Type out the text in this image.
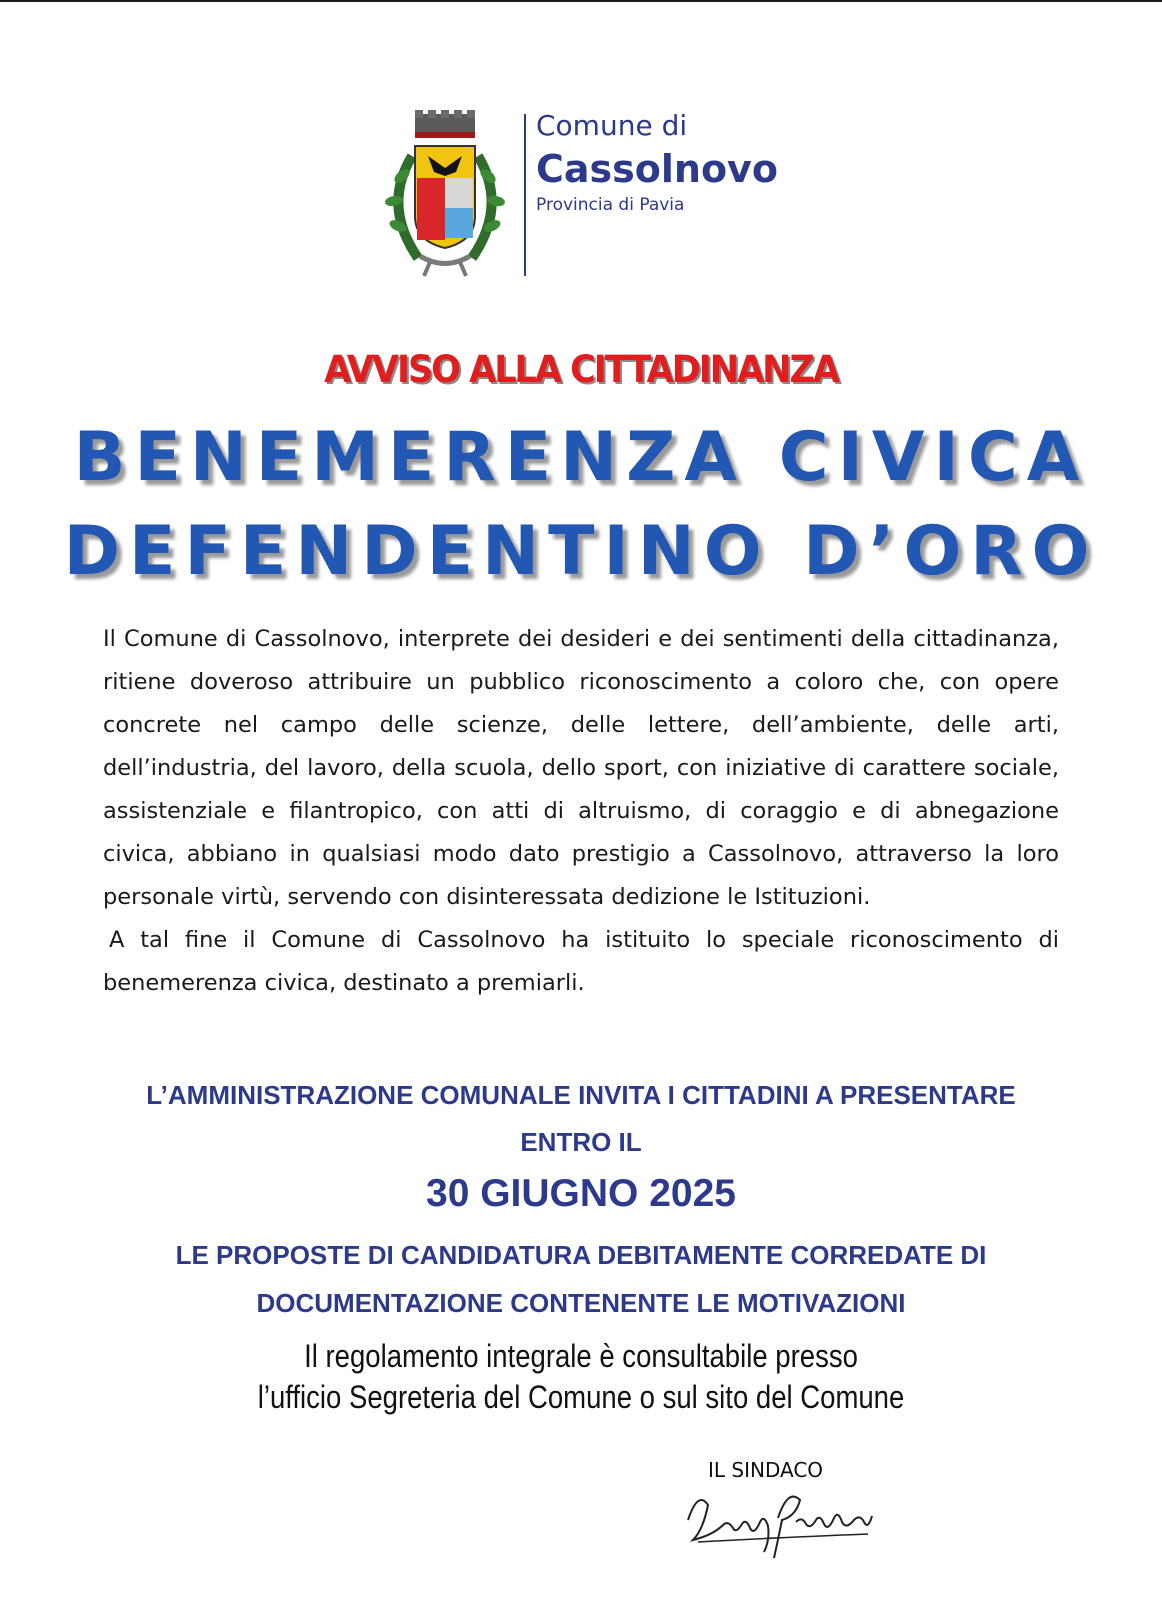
Comune di
Cassolnovo
Provincia di Pavia
AVVISO ALLA CITTADINANZA
BENEMERENZA CIVICA
DEFENDENTINO D’ORO

Il Comune di Cassolnovo, interprete dei desideri e dei sentimenti della cittadinanza, ritiene doveroso attribuire un pubblico riconoscimento a coloro che, con opere concrete nel campo delle scienze, delle lettere, dell’ambiente, delle arti, dell’industria, del lavoro, della scuola, dello sport, con iniziative di carattere sociale, assistenziale e filantropico, con atti di altruismo, di coraggio e di abnegazione civica, abbiano in qualsiasi modo dato prestigio a Cassolnovo, attraverso la loro personale virtù, servendo con disinteressata dedizione le Istituzioni.

A tal fine il Comune di Cassolnovo ha istituito lo speciale riconoscimento di benemerenza civica, destinato a premiarli.

L’AMMINISTRAZIONE COMUNALE INVITA I CITTADINI A PRESENTARE
ENTRO IL
30 GIUGNO 2025
LE PROPOSTE DI CANDIDATURA DEBITAMENTE CORREDATE DI
DOCUMENTAZIONE CONTENENTE LE MOTIVAZIONI
Il regolamento integrale è consultabile presso
l’ufficio Segreteria del Comune o sul sito del Comune
IL SINDACO
